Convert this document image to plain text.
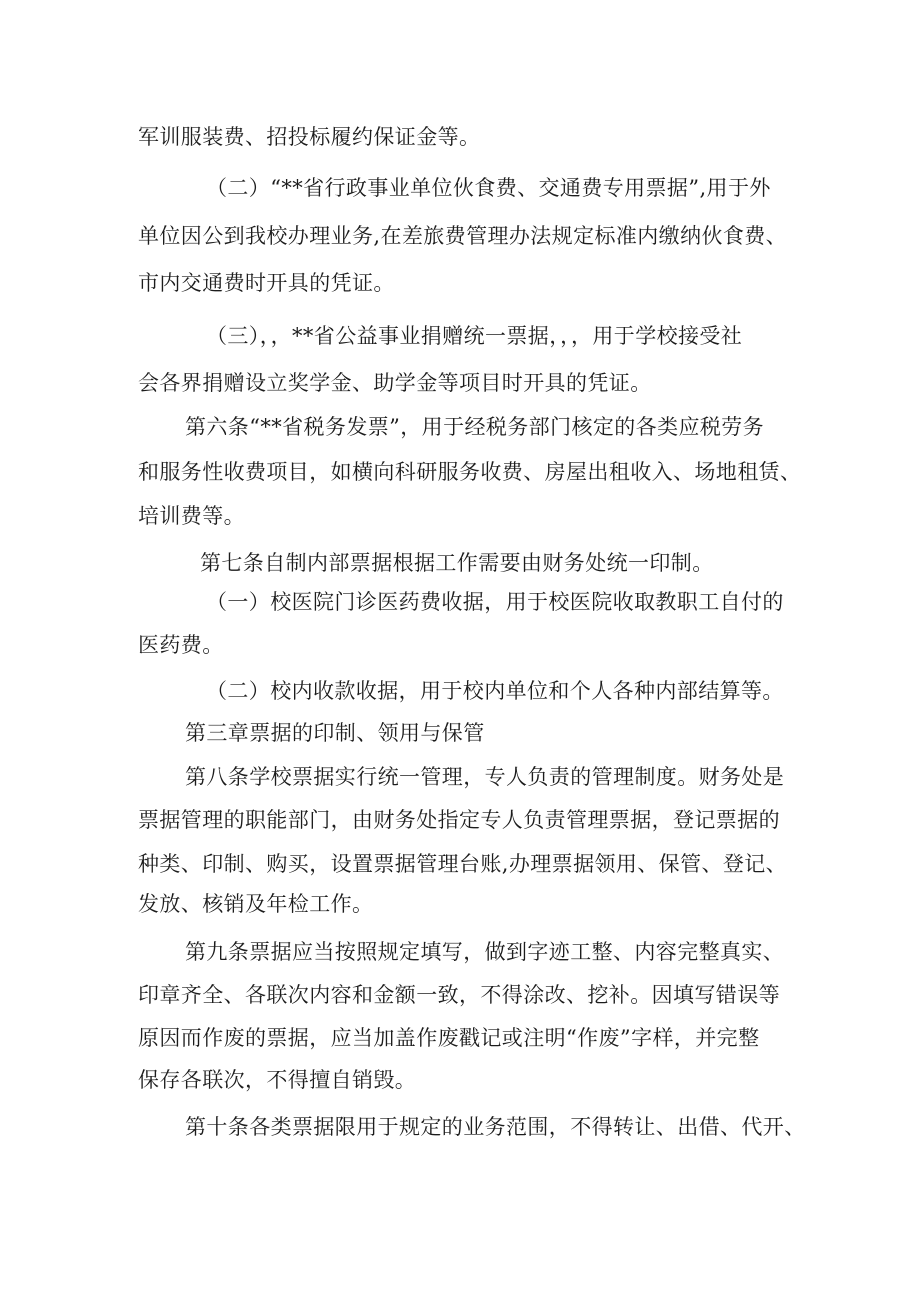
军训服装费、招投标履约保证金等。
（二）“**省行政事业单位伙食费、交通费专用票据”,用于外
单位因公到我校办理业务,在差旅费管理办法规定标准内缴纳伙食费、
市内交通费时开具的凭证。
（三），，**省公益事业捐赠统一票据，，，用于学校接受社
会各界捐赠设立奖学金、助学金等项目时开具的凭证。
第六条“**省税务发票”，用于经税务部门核定的各类应税劳务
和服务性收费项目，如横向科研服务收费、房屋出租收入、场地租赁、
培训费等。
第七条自制内部票据根据工作需要由财务处统一印制。
（一）校医院门诊医药费收据，用于校医院收取教职工自付的
医药费。
（二）校内收款收据，用于校内单位和个人各种内部结算等。
第三章票据的印制、领用与保管
第八条学校票据实行统一管理，专人负责的管理制度。财务处是
票据管理的职能部门，由财务处指定专人负责管理票据，登记票据的
种类、印制、购买，设置票据管理台账,办理票据领用、保管、登记、
发放、核销及年检工作。
第九条票据应当按照规定填写，做到字迹工整、内容完整真实、
印章齐全、各联次内容和金额一致，不得涂改、挖补。因填写错误等
原因而作废的票据，应当加盖作废戳记或注明“作废”字样，并完整
保存各联次，不得擅自销毁。
第十条各类票据限用于规定的业务范围，不得转让、出借、代开、
